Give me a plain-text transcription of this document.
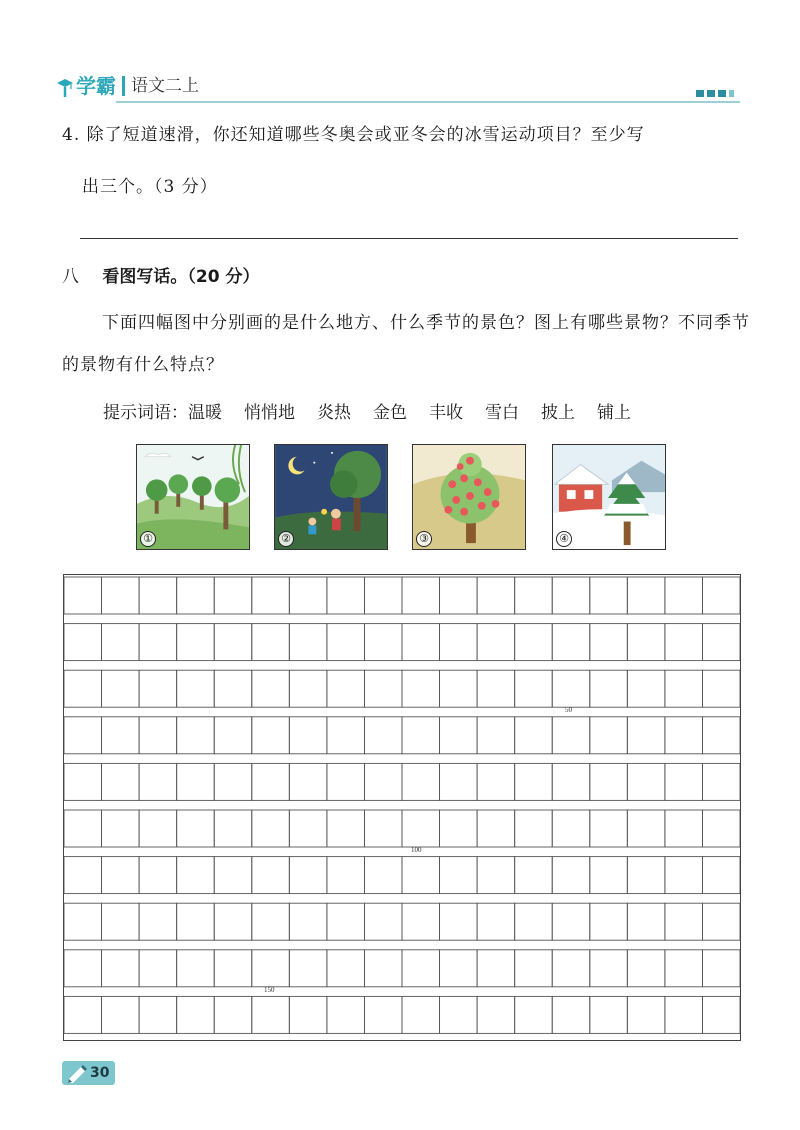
学霸 语文二上
4. 除了短道速滑，你还知道哪些冬奥会或亚冬会的冰雪运动项目？至少写
出三个。（3 分）
八 看图写话。（20 分）
下面四幅图中分别画的是什么地方、什么季节的景色？图上有哪些景物？不同季节的景物有什么特点？
提示词语： 温暖 悄悄地 炎热 金色 丰收 雪白 披上 铺上
①	②	③	④
50
100
150
30
